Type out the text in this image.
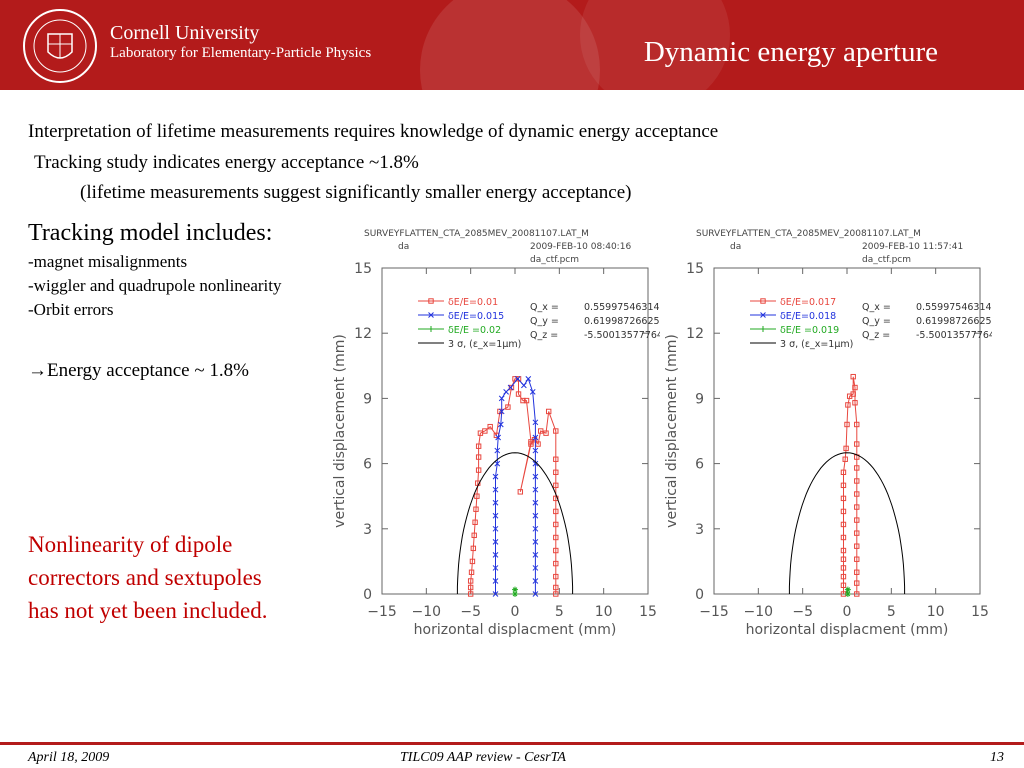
Cornell University
Laboratory for Elementary-Particle Physics	Dynamic energy aperture
Interpretation of lifetime measurements requires knowledge of dynamic energy acceptance
Tracking study indicates energy acceptance ~1.8%
(lifetime measurements suggest significantly smaller energy acceptance)
Tracking model includes:
-magnet misalignments
-wiggler and quadrupole nonlinearity
-Orbit errors
→Energy acceptance ~ 1.8%
Nonlinearity of dipole
correctors and sextupoles
has not yet been included.
SURVEYFLATTEN_CTA_2085MEV_20081107.LAT_M
da	2009-FEB-10 08:40:16
da_ctf.pcm
−15 −10 −5 0	5 10 15
0
3
6
9
12
15
horizontal displacment (mm)
vertical displacement (mm)
δE/E=0.01
δE/E=0.015
δE/E =0.02
3 σ, (ε_x=1μm)
Q_x =	0.55997546314
Q_y =	0.61998726625
Q_z =	-5.50013577764
SURVEYFLATTEN_CTA_2085MEV_20081107.LAT_M
da	2009-FEB-10 11:57:41
da_ctf.pcm
−15 −10 −5 0	5 10 15
0
3
6
9
12
15
horizontal displacment (mm)
vertical displacement (mm)
δE/E=0.017
δE/E=0.018
δE/E =0.019
3 σ, (ε_x=1μm)
Q_x =	0.55997546314
Q_y =	0.61998726625
Q_z =	-5.50013577764
April 18, 2009	TILC09 AAP review - CesrTA	13
